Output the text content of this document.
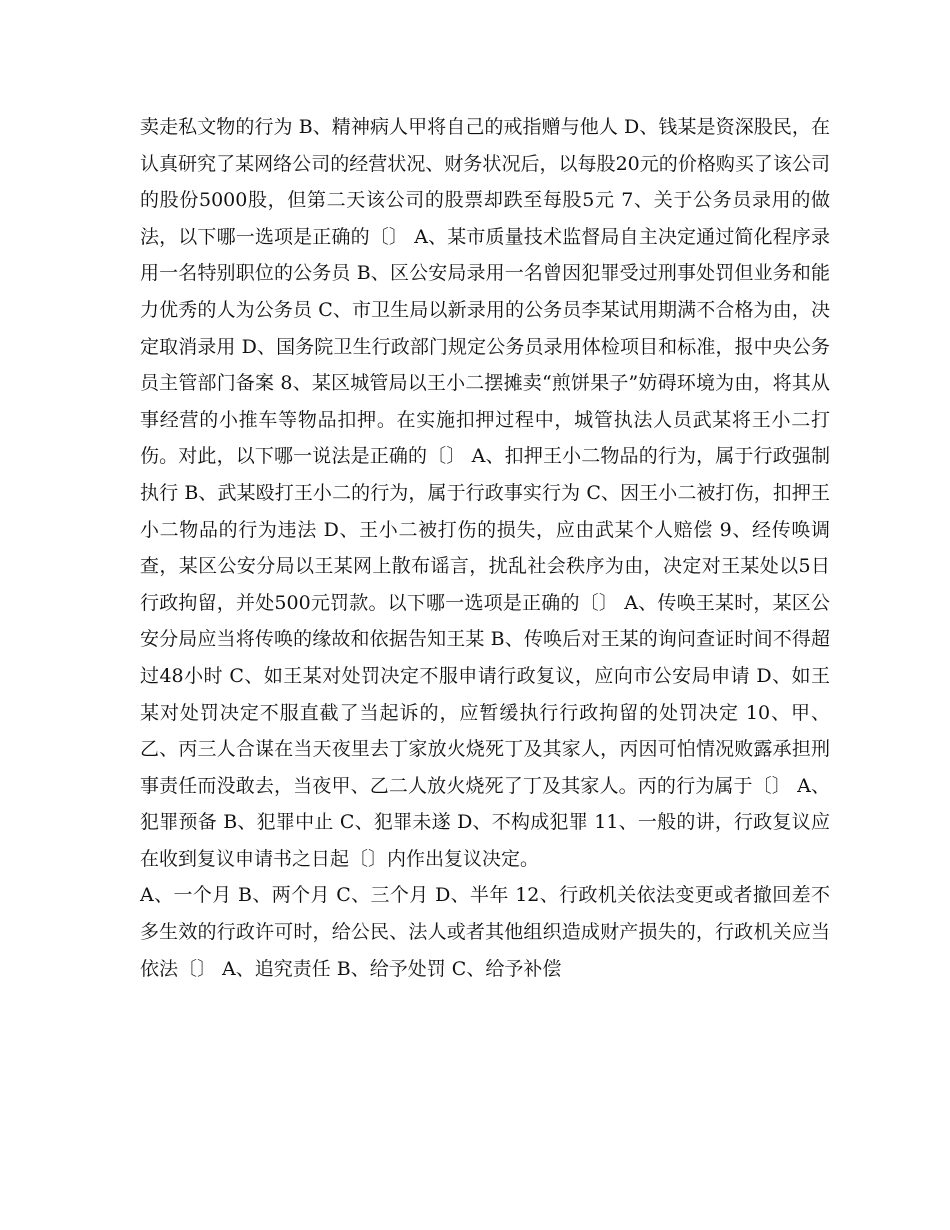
卖走私文物的行为 B、精神病人甲将自己的戒指赠与他人 D、钱某是资深股民，在认真研究了某网络公司的经营状况、财务状况后，以每股20元的价格购买了该公司的股份5000股，但第二天该公司的股票却跌至每股5元 7、关于公务员录用的做法，以下哪一选项是正确的〔〕 A、某市质量技术监督局自主决定通过简化程序录用一名特别职位的公务员 B、区公安局录用一名曾因犯罪受过刑事处罚但业务和能力优秀的人为公务员 C、市卫生局以新录用的公务员李某试用期满不合格为由，决定取消录用 D、国务院卫生行政部门规定公务员录用体检项目和标准，报中央公务员主管部门备案 8、某区城管局以王小二摆摊卖“煎饼果子”妨碍环境为由，将其从事经营的小推车等物品扣押。在实施扣押过程中，城管执法人员武某将王小二打伤。对此，以下哪一说法是正确的〔〕 A、扣押王小二物品的行为，属于行政强制执行 B、武某殴打王小二的行为，属于行政事实行为 C、因王小二被打伤，扣押王小二物品的行为违法 D、王小二被打伤的损失，应由武某个人赔偿 9、经传唤调查，某区公安分局以王某网上散布谣言，扰乱社会秩序为由，决定对王某处以5日行政拘留，并处500元罚款。以下哪一选项是正确的〔〕 A、传唤王某时，某区公安分局应当将传唤的缘故和依据告知王某 B、传唤后对王某的询问查证时间不得超过48小时 C、如王某对处罚决定不服申请行政复议，应向市公安局申请 D、如王某对处罚决定不服直截了当起诉的，应暂缓执行行政拘留的处罚决定 10、甲、乙、丙三人合谋在当天夜里去丁家放火烧死丁及其家人，丙因可怕情况败露承担刑事责任而没敢去，当夜甲、乙二人放火烧死了丁及其家人。丙的行为属于〔〕 A、犯罪预备 B、犯罪中止 C、犯罪未遂 D、不构成犯罪 11、一般的讲，行政复议应在收到复议申请书之日起〔〕内作出复议决定。

A、一个月 B、两个月 C、三个月 D、半年 12、行政机关依法变更或者撤回差不多生效的行政许可时，给公民、法人或者其他组织造成财产损失的，行政机关应当依法〔〕 A、追究责任 B、给予处罚 C、给予补偿
